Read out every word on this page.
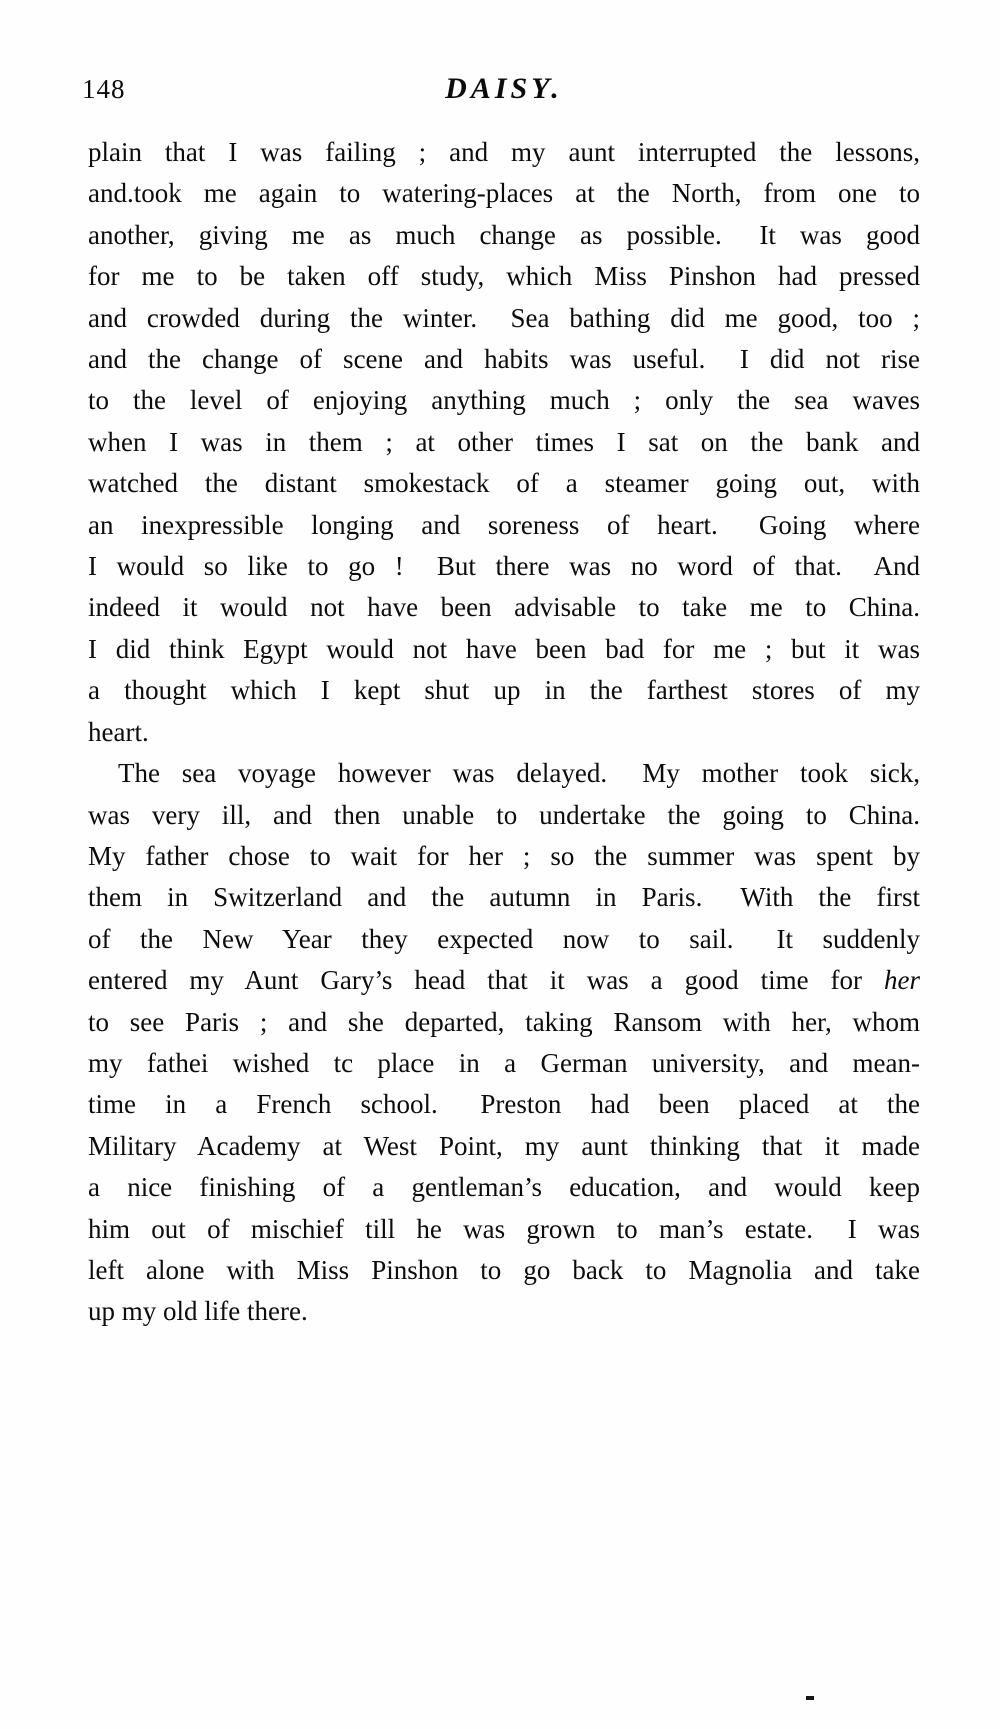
148	DAISY.
plain that I was failing ; and my aunt interrupted the lessons,
and.took me again to watering-places at the North, from one to
another, giving me as much change as possible.  It was good
for me to be taken off study, which Miss Pinshon had pressed
and crowded during the winter.  Sea bathing did me good, too ;
and the change of scene and habits was useful.  I did not rise
to the level of enjoying anything much ; only the sea waves
when I was in them ; at other times I sat on the bank and
watched the distant smokestack of a steamer going out, with
an inexpressible longing and soreness of heart.  Going where
I would so like to go !  But there was no word of that.  And
indeed it would not have been advisable to take me to China.
I did think Egypt would not have been bad for me ; but it was
a thought which I kept shut up in the farthest stores of my
heart.
The sea voyage however was delayed.  My mother took sick,
was very ill, and then unable to undertake the going to China.
My father chose to wait for her ; so the summer was spent by
them in Switzerland and the autumn in Paris.  With the first
of the New Year they expected now to sail.  It suddenly
entered my Aunt Gary’s head that it was a good time for her
to see Paris ; and she departed, taking Ransom with her, whom
my fathei wished tc place in a German university, and mean-
time in a French school.  Preston had been placed at the
Military Academy at West Point, my aunt thinking that it made
a nice finishing of a gentleman’s education, and would keep
him out of mischief till he was grown to man’s estate.  I was
left alone with Miss Pinshon to go back to Magnolia and take
up my old life there.
